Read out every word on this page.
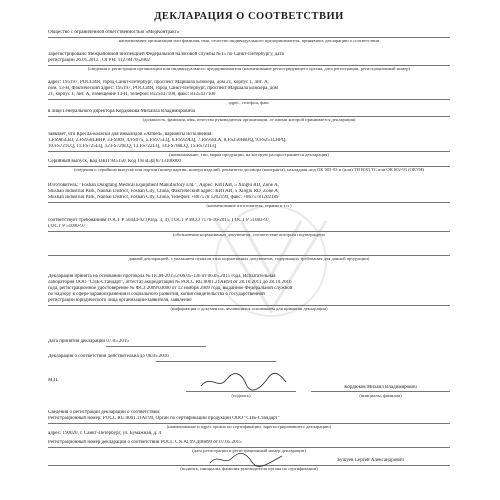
ДЕКЛАРАЦИЯ О СООТВЕТСТВИИ
Общество с ограниченной ответственностью «МедКонтракт»
наименование организации или фамилия, имя, отчество индивидуального предпринимателя, принявших декларацию о соответствии
Зарегистрировано Межрайонной инспекцией Федеральной налоговой службы №15 по Санкт-Петербургу, дата
регистрации 26.01.2012 , ОГРН: 1127847052002
(сведения о регистрации организации или индивидуального предпринимателя (наименование регистрирующего органа, дата регистрации, регистрационный номер)
адрес: 195197, РОССИЯ, город Санкт-Петербург, проспект Маршала Блюхера, дом 21, корпус 1, лит. А,
пом. 13-Н, Фактический адрес: 195197, РОССИЯ, город Санкт-Петербург, проспект Маршала Блюхера, дом
21, корпус 1, лит. А, помещение 13-Н, телефон: 8125437100, факс: 8125437100
адрес, телефон, факс
в лице Генерального директора Кордюкова Михаила Владимировича
(должность, фамилия, имя, отчество руководителя организации, от имени которой принимается декларация)
заявляет, что Кресла-коляски для инвалидов «Armed», варианты исполнения:
1.FS985LBJ, 2.FS958LBHP, 3.FS909, 4.FS975, 5.FS975LQ, 6.FS959LQ, 7.FS958LA, 8.FS250HBJQ, 9.FS251LHPQ,
10.FS721LQ, 11.FS725LQ, 12.FS720LQ, 13.FS722LQ, 14.FS708LQ, 15.FS721LQ
(наименование, тип, марка продукции, на которую распространяется декларация)
Серийный выпуск, Код ОКП 945150, Код ТН ВЭД 8713100000
(сведения о серийном выпуске или партии (номер партии, номера изделий, реквизиты договора (контракта), накладная ,код ОК 005-93 и (или) ТН ВЭД ТС или ОК 002-93 (ОКУН)
Изготовитель: "Foshan Dongfang Medical Equipment Manufactory Ltd.", Адрес: КИТАЙ, 5 Xinglu RD, Zone A,
Shishan Industrial Park, Nanhai District, Foshan City, China, Фактический адрес: КИТАЙ, 5 Xinglu RD, Zone A,
Shishan Industrial Park, Nanhai District, Foshan City, China, телефон: +867578 1202199, факс: +8675781202189
(наименование изготовителя, страны и т.п.)
соответствует требованиям ГОСТ Р 50444-92 (Разд. 3, 4), ГОСТ Р ИСО 7176-16-2015, ГОСТ Р 51083-97,
ГОСТ Р 51090-97
(обозначение нормативных документов, соответствие которым подтверждено
данной декларацией, с указанием пунктов этих нормативных документов, содержащих требования для данной продукции)
Декларация принята на основании протокола № ПСМ-2015/2/06.05-136 от 06.05.2015 года, Испытательная
лаборатория ООО "СПБ-Стандарт", аттестат аккредитации № РОСС RU.0001.21АВ94 от 28.10.2011 до 28.10.2016
года, регистрационное удостоверение № ФСЗ 2009/03690 от 12 ноября 2009 года, выданное Федеральной службой
по надзору в сфере здравоохранения и социального развития, копия свидетельства о государственной
регистрации юридического лица организации-заявителя, заявление
(информация о документах, являющихся основанием для принятия декларации)
Дата принятия декларации 07.05.2015
Декларация о соответствии действительна до 06.05.2016
М.П.
(подпись)
Кордюков Михаил Владимирович
(инициалы, фамилия)
Сведения о регистрации декларации о соответствии:
Регистрационный номер: РОСС RU.0001.11АГ99, Орган по сертификации продукции ООО "СПБ-Стандарт"
(наименование и адрес органа по сертификации, зарегистрировавшего декларацию)
адрес: 190020, г. Санкт-Петербург, ул. Бумажная, д. 4
Регистрационный номер декларации о соответствии РОСС CN.АГ99.Д06899 от 07.05.2015
(дата регистрации и регистрационный номер декларации)
Бушуев Сергей Александрович
(подпись, инициалы, фамилия руководителя органа по сертификации)
